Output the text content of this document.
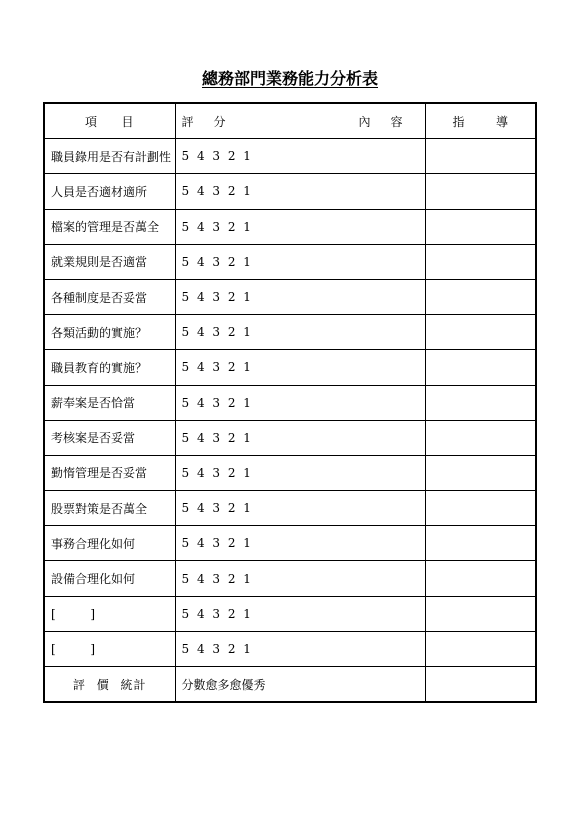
總務部門業務能力分析表
項 目	評 分 內 容	指 導

職員錄用是否有計劃性	5 4 3 2 1	
人員是否適材適所	5 4 3 2 1	
檔案的管理是否萬全	5 4 3 2 1	
就業規則是否適當	5 4 3 2 1	
各種制度是否妥當	5 4 3 2 1	
各類活動的實施？	5 4 3 2 1	
職員教育的實施？	5 4 3 2 1	
薪奉案是否恰當	5 4 3 2 1	
考核案是否妥當	5 4 3 2 1	
勤惰管理是否妥當	5 4 3 2 1	
股票對策是否萬全	5 4 3 2 1	
事務合理化如何	5 4 3 2 1	
設備合理化如何	5 4 3 2 1	

[ ]	5 4 3 2 1	

[ ]	5 4 3 2 1	
評 價 統計	分數愈多愈優秀	
